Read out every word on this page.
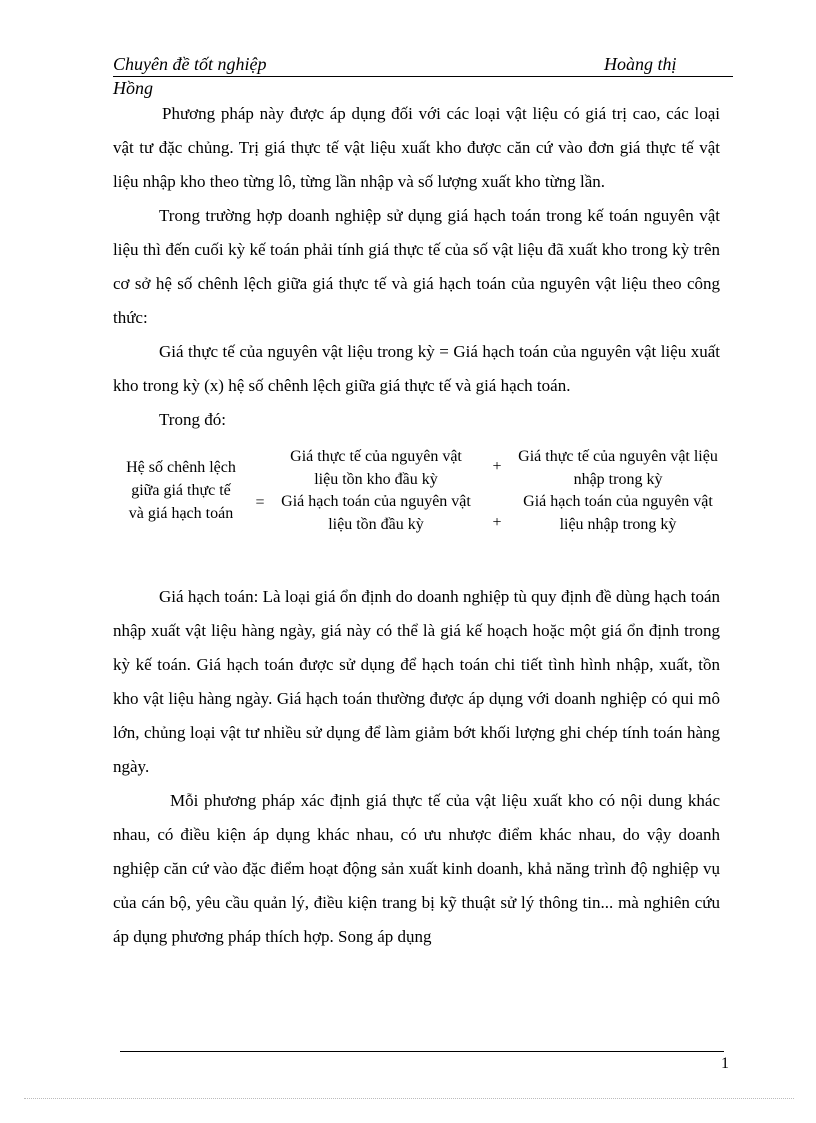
Chuyên đề tốt nghiệp	Hoàng thị
Hồng
Phương pháp này được áp dụng đối với các loại vật liệu có giá trị cao, các loại vật tư đặc chủng. Trị giá thực tế vật liệu xuất kho được căn cứ vào đơn giá thực tế vật liệu nhập kho theo từng lô, từng lần nhập và số lượng xuất kho từng lần.
Trong trường hợp doanh nghiệp sử dụng giá hạch toán trong kế toán nguyên vật liệu thì đến cuối kỳ kế toán phải tính giá thực tế của số vật liệu đã xuất kho trong kỳ trên cơ sở hệ số chênh lệch giữa giá thực tế và giá hạch toán của nguyên vật liệu theo công thức:
Giá thực tế của nguyên vật liệu trong kỳ = Giá hạch toán của nguyên vật liệu xuất kho trong kỳ (x) hệ số chênh lệch giữa giá thực tế và giá hạch toán.
Trong đó:
Hệ số chênh lệch giữa giá thực tế và giá hạch toán
=
Giá thực tế của nguyên vật liệu tồn kho đầu kỳ
+
Giá thực tế của nguyên vật liệu nhập trong kỳ
Giá hạch toán của nguyên vật liệu tồn đầu kỳ	+
Giá hạch toán của nguyên vật liệu nhập trong kỳ
Giá hạch toán: Là loại giá ổn định do doanh nghiệp tù quy định đề dùng hạch toán nhập xuất vật liệu hàng ngày, giá này có thể là giá kế hoạch hoặc một giá ổn định trong kỳ kế toán. Giá hạch toán được sử dụng để hạch toán chi tiết tình hình nhập, xuất, tồn kho vật liệu hàng ngày. Giá hạch toán thường được áp dụng với doanh nghiệp có qui mô lớn, chủng loại vật tư nhiều sử dụng để làm giảm bớt khối lượng ghi chép tính toán hàng ngày.
Mỗi phương pháp xác định giá thực tế của vật liệu xuất kho có nội dung khác nhau, có điều kiện áp dụng khác nhau, có ưu nhược điểm khác nhau, do vậy doanh nghiệp căn cứ vào đặc điểm hoạt động sản xuất kinh doanh, khả năng trình độ nghiệp vụ của cán bộ, yêu cầu quản lý, điều kiện trang bị kỹ thuật sử lý thông tin... mà nghiên cứu áp dụng phương pháp thích hợp. Song áp dụng
1
